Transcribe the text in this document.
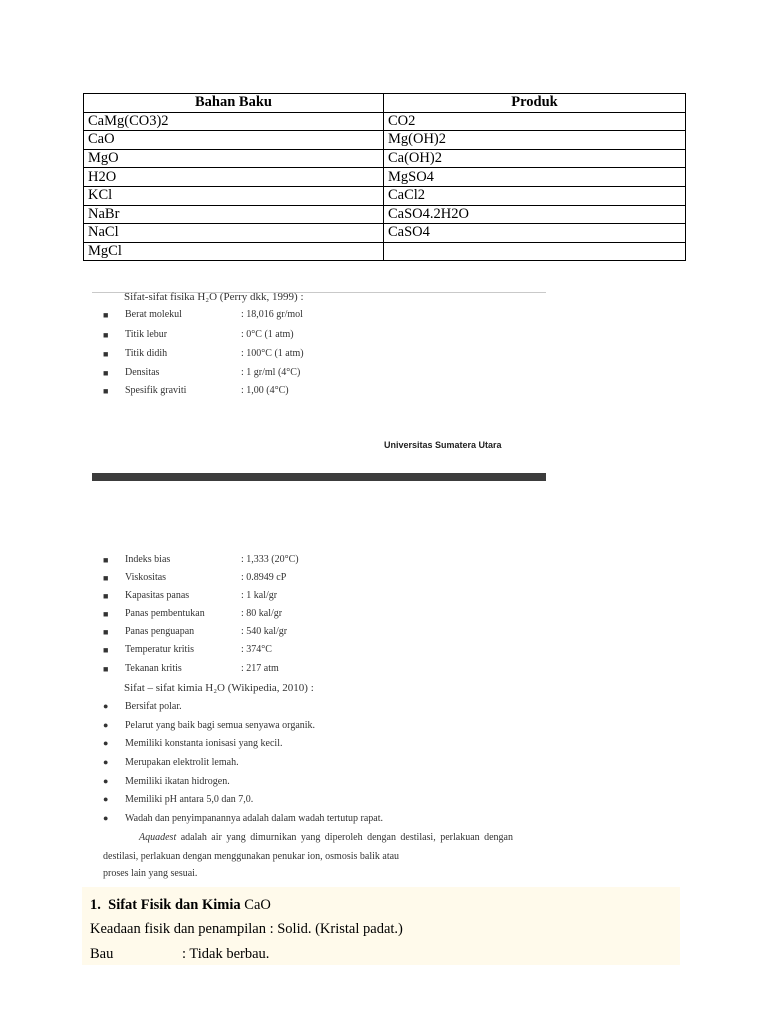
Bahan Baku	Produk
CaMg(CO3)2	CO2
CaO	Mg(OH)2
MgO	Ca(OH)2
H2O	MgSO4
KCl	CaCl2
NaBr	CaSO4.2H2O
NaCl	CaSO4
MgCl	
Sifat-sifat fisika H₂O (Perry dkk, 1999) :
■ Berat molekul	: 18,016 gr/mol
■ Titik lebur	: 0°C (1 atm)
■ Titik didih	: 100°C (1 atm)
■ Densitas	: 1 gr/ml (4°C)
■ Spesifik graviti	: 1,00 (4°C)
Universitas Sumatera Utara
■ Indeks bias	: 1,333 (20°C)
■ Viskositas	: 0.8949 cP
■ Kapasitas panas	: 1 kal/gr
■ Panas pembentukan	: 80 kal/gr
■ Panas penguapan	: 540 kal/gr
■ Temperatur kritis	: 374°C
■ Tekanan kritis	: 217 atm
Sifat – sifat kimia H₂O (Wikipedia, 2010) :
● Bersifat polar.
● Pelarut yang baik bagi semua senyawa organik.
● Memiliki konstanta ionisasi yang kecil.
● Merupakan elektrolit lemah.
● Memiliki ikatan hidrogen.
● Memiliki pH antara 5,0 dan 7,0.
● Wadah dan penyimpanannya adalah dalam wadah tertutup rapat.
Aquadest adalah air yang dimurnikan yang diperoleh dengan destilasi, perlakuan dengan destilasi, perlakuan dengan menggunakan penukar ion, osmosis balik atau
proses lain yang sesuai.
1. Sifat Fisik dan Kimia CaO
Keadaan fisik dan penampilan : Solid. (Kristal padat.)
Bau	: Tidak berbau.
